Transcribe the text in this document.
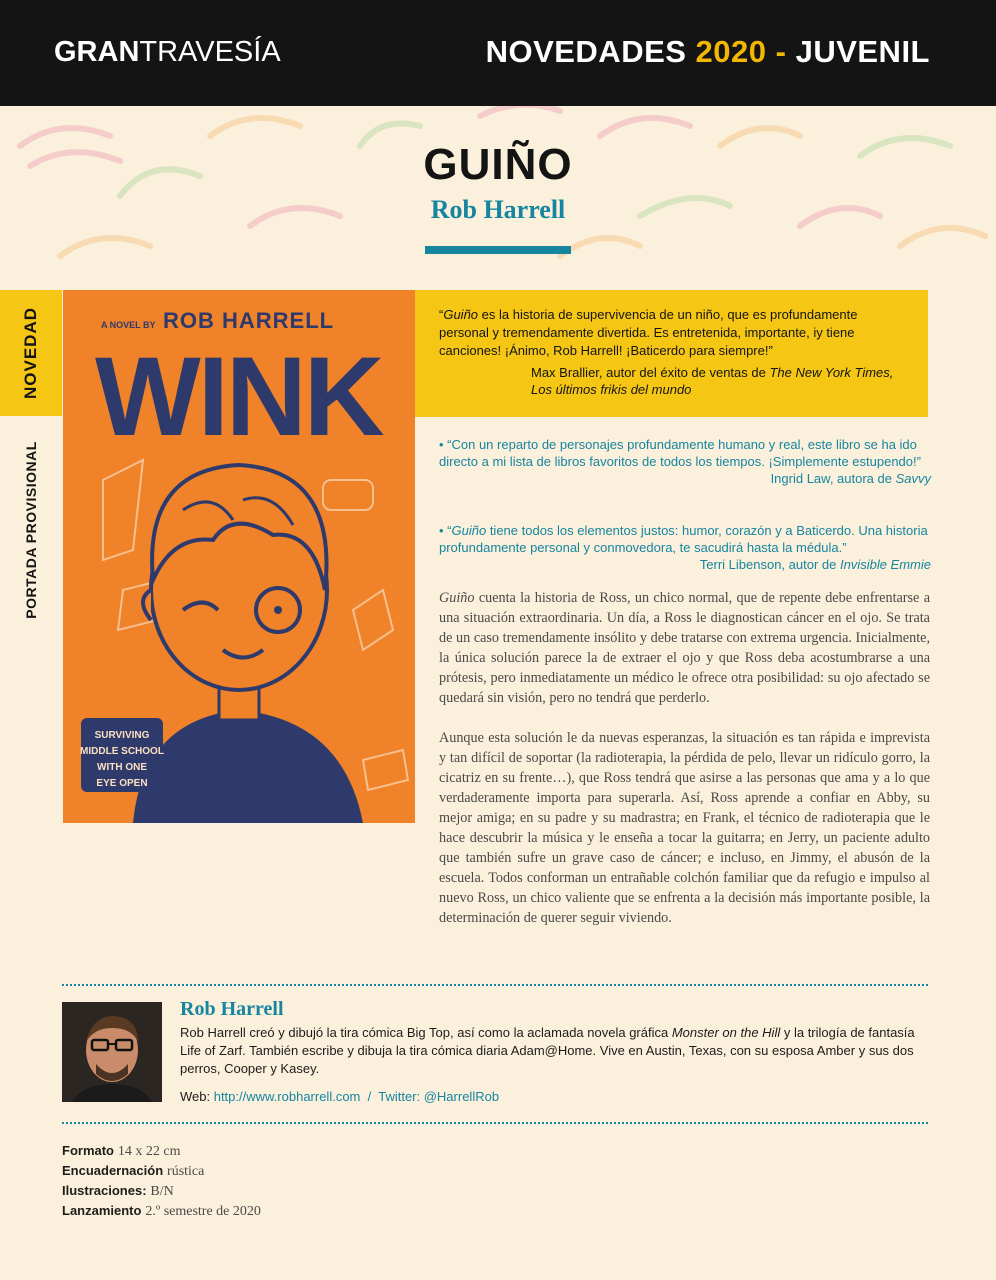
GRANTRAVESÍA	NOVEDADES 2020 - JUVENIL
GUIÑO
Rob Harrell
NOVEDAD
PORTADA PROVISIONAL
A NOVEL BY ROB HARRELL
WINK
SURVIVING
MIDDLE SCHOOL
WITH ONE
EYE OPEN
“Guiño es la historia de supervivencia de un niño, que es profundamente personal y tremendamente divertida. Es entretenida, importante, iy tiene canciones! ¡Ánimo, Rob Harrell! ¡Baticerdo para siempre!”
Max Brallier, autor del éxito de ventas de The New York Times,
Los últimos frikis del mundo
• “Con un reparto de personajes profundamente humano y real, este libro se ha ido directo a mi lista de libros favoritos de todos los tiempos. ¡Simplemente estupendo!”
Ingrid Law, autora de Savvy
• “Guiño tiene todos los elementos justos: humor, corazón y a Baticerdo. Una historia profundamente personal y conmovedora, te sacudirá hasta la médula.”
Terri Libenson, autor de Invisible Emmie

Guiño cuenta la historia de Ross, un chico normal, que de repente debe enfrentarse a una situación extraordinaria. Un día, a Ross le diagnostican cáncer en el ojo. Se trata de un caso tremendamente insólito y debe tratarse con extrema urgencia. Inicialmente, la única solución parece la de extraer el ojo y que Ross deba acostumbrarse a una prótesis, pero inmediatamente un médico le ofrece otra posibilidad: su ojo afectado se quedará sin visión, pero no tendrá que perderlo.

Aunque esta solución le da nuevas esperanzas, la situación es tan rápida e imprevista y tan difícil de soportar (la radioterapia, la pérdida de pelo, llevar un ridículo gorro, la cicatriz en su frente…), que Ross tendrá que asirse a las personas que ama y a lo que verdaderamente importa para superarla. Así, Ross aprende a confiar en Abby, su mejor amiga; en su padre y su madrastra; en Frank, el técnico de radioterapia que le hace descubrir la música y le enseña a tocar la guitarra; en Jerry, un paciente adulto que también sufre un grave caso de cáncer; e incluso, en Jimmy, el abusón de la escuela. Todos conforman un entrañable colchón familiar que da refugio e impulso al nuevo Ross, un chico valiente que se enfrenta a la decisión más importante posible, la determinación de querer seguir viviendo.

Rob Harrell
Rob Harrell creó y dibujó la tira cómica Big Top, así como la aclamada novela gráfica Monster on the Hill y la trilogía de fantasía Life of Zarf. También escribe y dibuja la tira cómica diaria Adam@Home. Vive en Austin, Texas, con su esposa Amber y sus dos perros, Cooper y Kasey.
Web: http://www.robharrell.com  /  Twitter: @HarrellRob
Formato 14 x 22 cm
Encuadernación rústica
Ilustraciones: B/N
Lanzamiento 2.º semestre de 2020
